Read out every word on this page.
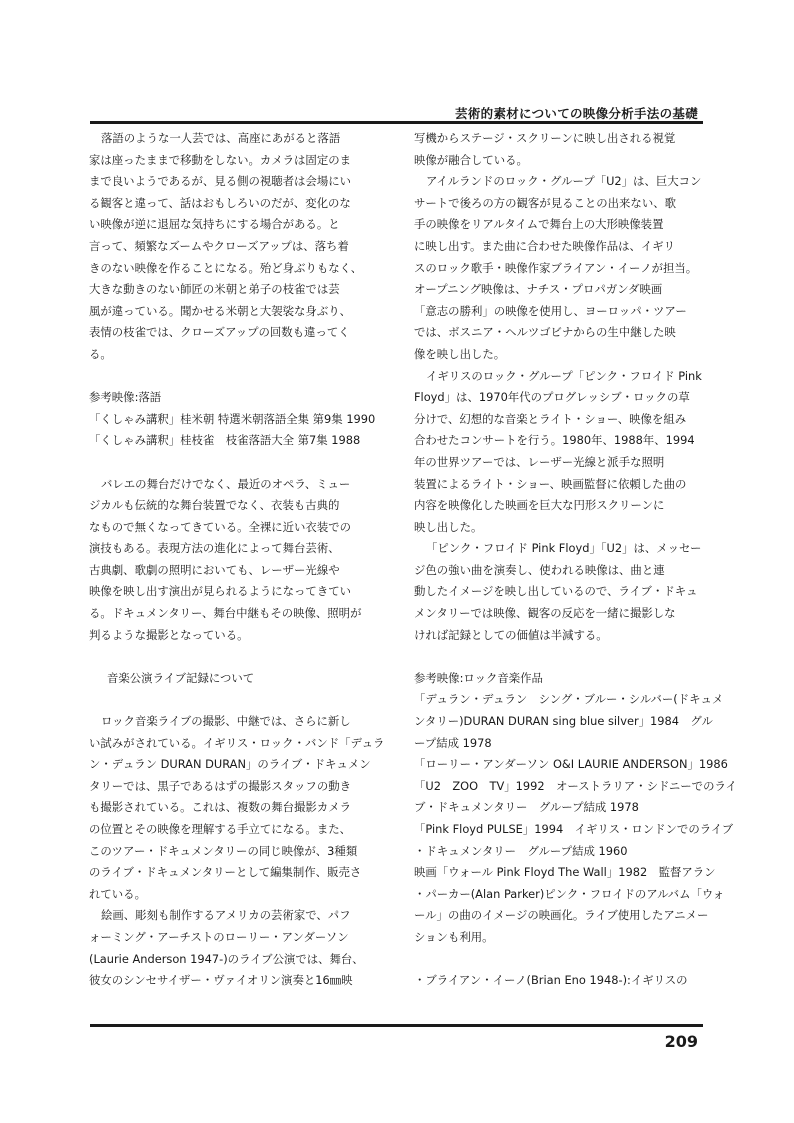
芸術的素材についての映像分析手法の基礎
落語のような一人芸では、高座にあがると落語
家は座ったままで移動をしない。カメラは固定のま
まで良いようであるが、見る側の視聴者は会場にい
る観客と違って、話はおもしろいのだが、変化のな
い映像が逆に退屈な気持ちにする場合がある。と
言って、頻繁なズームやクローズアップは、落ち着
きのない映像を作ることになる。殆ど身ぶりもなく、
大きな動きのない師匠の米朝と弟子の枝雀では芸
風が違っている。聞かせる米朝と大袈裟な身ぶり、
表情の枝雀では、クローズアップの回数も違ってく
る。
参考映像:落語
「くしゃみ講釈」桂米朝 特選米朝落語全集 第9集 1990
「くしゃみ講釈」桂枝雀　枝雀落語大全 第7集 1988
バレエの舞台だけでなく、最近のオペラ、ミュー
ジカルも伝統的な舞台装置でなく、衣装も古典的
なもので無くなってきている。全裸に近い衣装での
演技もある。表現方法の進化によって舞台芸術、
古典劇、歌劇の照明においても、レーザー光線や
映像を映し出す演出が見られるようになってきてい
る。ドキュメンタリー、舞台中継もその映像、照明が
判るような撮影となっている。
音楽公演ライブ記録について
ロック音楽ライブの撮影、中継では、さらに新し
い試みがされている。イギリス・ロック・バンド「デュラ
ン・デュラン DURAN DURAN」のライブ・ドキュメン
タリーでは、黒子であるはずの撮影スタッフの動き
も撮影されている。これは、複数の舞台撮影カメラ
の位置とその映像を理解する手立てになる。また、
このツアー・ドキュメンタリーの同じ映像が、3種類
のライブ・ドキュメンタリーとして編集制作、販売さ
れている。
絵画、彫刻も制作するアメリカの芸術家で、パフ
ォーミング・アーチストのローリー・アンダーソン
(Laurie Anderson 1947-)のライブ公演では、舞台、
彼女のシンセサイザー・ヴァイオリン演奏と16㎜映
写機からステージ・スクリーンに映し出される視覚
映像が融合している。
アイルランドのロック・グループ「U2」は、巨大コン
サートで後ろの方の観客が見ることの出来ない、歌
手の映像をリアルタイムで舞台上の大形映像装置
に映し出す。また曲に合わせた映像作品は、イギリ
スのロック歌手・映像作家ブライアン・イーノが担当。
オープニング映像は、ナチス・プロパガンダ映画
「意志の勝利」の映像を使用し、ヨーロッパ・ツアー
では、ボスニア・ヘルツゴビナからの生中継した映
像を映し出した。
イギリスのロック・グループ「ピンク・フロイド Pink
Floyd」は、1970年代のプログレッシブ・ロックの草
分けで、幻想的な音楽とライト・ショー、映像を組み
合わせたコンサートを行う。1980年、1988年、1994
年の世界ツアーでは、レーザー光線と派手な照明
装置によるライト・ショー、映画監督に依頼した曲の
内容を映像化した映画を巨大な円形スクリーンに
映し出した。
「ピンク・フロイド Pink Floyd」「U2」は、メッセー
ジ色の強い曲を演奏し、使われる映像は、曲と連
動したイメージを映し出しているので、ライブ・ドキュ
メンタリーでは映像、観客の反応を一緒に撮影しな
ければ記録としての価値は半減する。
参考映像:ロック音楽作品
「デュラン・デュラン　シング・ブルー・シルバー(ドキュメ
ンタリー)DURAN DURAN sing blue silver」1984　グル
ープ結成 1978
「ローリー・アンダーソン O&I LAURIE ANDERSON」1986
「U2　ZOO　TV」1992　オーストラリア・シドニーでのライ
ブ・ドキュメンタリー　グループ結成 1978
「Pink Floyd PULSE」1994　イギリス・ロンドンでのライブ
・ドキュメンタリー　グループ結成 1960
映画「ウォール Pink Floyd The Wall」1982　監督アラン
・パーカー(Alan Parker)ピンク・フロイドのアルバム「ウォ
ール」の曲のイメージの映画化。ライブ使用したアニメー
ションも利用。
・ブライアン・イーノ(Brian Eno 1948-):イギリスの
209
